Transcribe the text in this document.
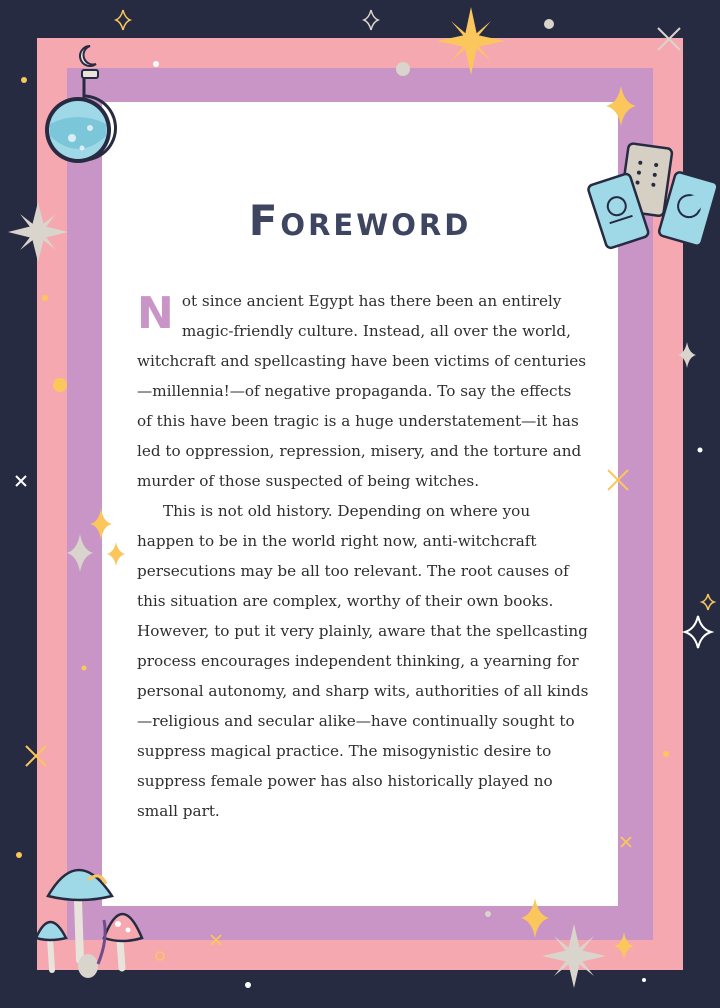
Foreword

Not since ancient Egypt has there been an entirely magic-friendly culture. Instead, all over the world, witchcraft and spellcasting have been victims of centuries—millennia!—of negative propaganda. To say the effects of this have been tragic is a huge understatement—it has led to oppression, repression, misery, and the torture and murder of those suspected of being witches.

This is not old history. Depending on where you happen to be in the world right now, anti-witchcraft persecutions may be all too relevant. The root causes of this situation are complex, worthy of their own books. However, to put it very plainly, aware that the spellcasting process encourages independent thinking, a yearning for personal autonomy, and sharp wits, authorities of all kinds—religious and secular alike—have continually sought to suppress magical practice. The misogynistic desire to suppress female power has also historically played no small part.
